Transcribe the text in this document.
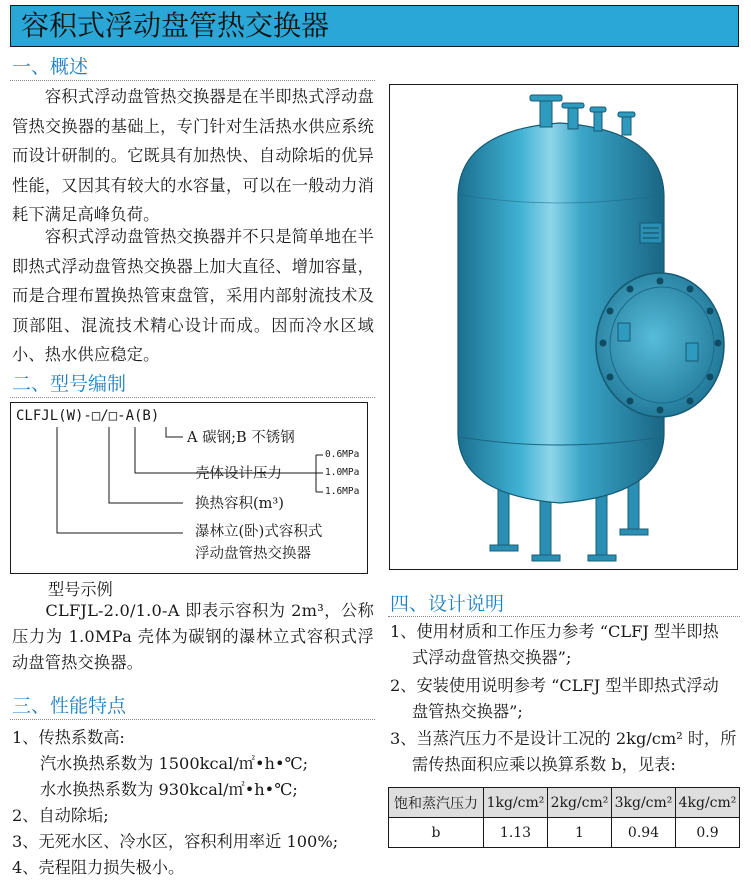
容积式浮动盘管热交换器
一、概述
　　容积式浮动盘管热交换器是在半即热式浮动盘管热交换器的基础上，专门针对生活热水供应系统而设计研制的。它既具有加热快、自动除垢的优异性能，又因其有较大的水容量，可以在一般动力消耗下满足高峰负荷。
　　容积式浮动盘管热交换器并不只是简单地在半即热式浮动盘管热交换器上加大直径、增加容量，而是合理布置换热管束盘管，采用内部射流技术及顶部阻、混流技术精心设计而成。因而冷水区域小、热水供应稳定。
二、型号编制
CLFJL(W)-□/□-A(B)
A 碳钢;B 不锈钢
壳体设计压力
0.6MPa
1.0MPa
1.6MPa
换热容积(m³)
瀑林立(卧)式容积式
浮动盘管热交换器
型号示例
　　CLFJL-2.0/1.0-A 即表示容积为 2m³，公称压力为 1.0MPa 壳体为碳钢的瀑林立式容积式浮动盘管热交换器。
三、性能特点
1、传热系数高:
汽水换热系数为 1500kcal/㎡•h•℃;
水水换热系数为 930kcal/㎡•h•℃;
2、自动除垢;
3、无死水区、冷水区，容积利用率近 100%;
4、壳程阻力损失极小。
四、设计说明
1、使用材质和工作压力参考 “CLFJ 型半即热
式浮动盘管热交换器”;
2、安装使用说明参考 “CLFJ 型半即热式浮动
盘管热交换器”;
3、当蒸汽压力不是设计工况的 2kg/cm² 时，所
需传热面积应乘以换算系数 b，见表:
饱和蒸汽压力	1kg/cm²	2kg/cm²	3kg/cm²	4kg/cm²
b	1.13	1	0.94	0.9
